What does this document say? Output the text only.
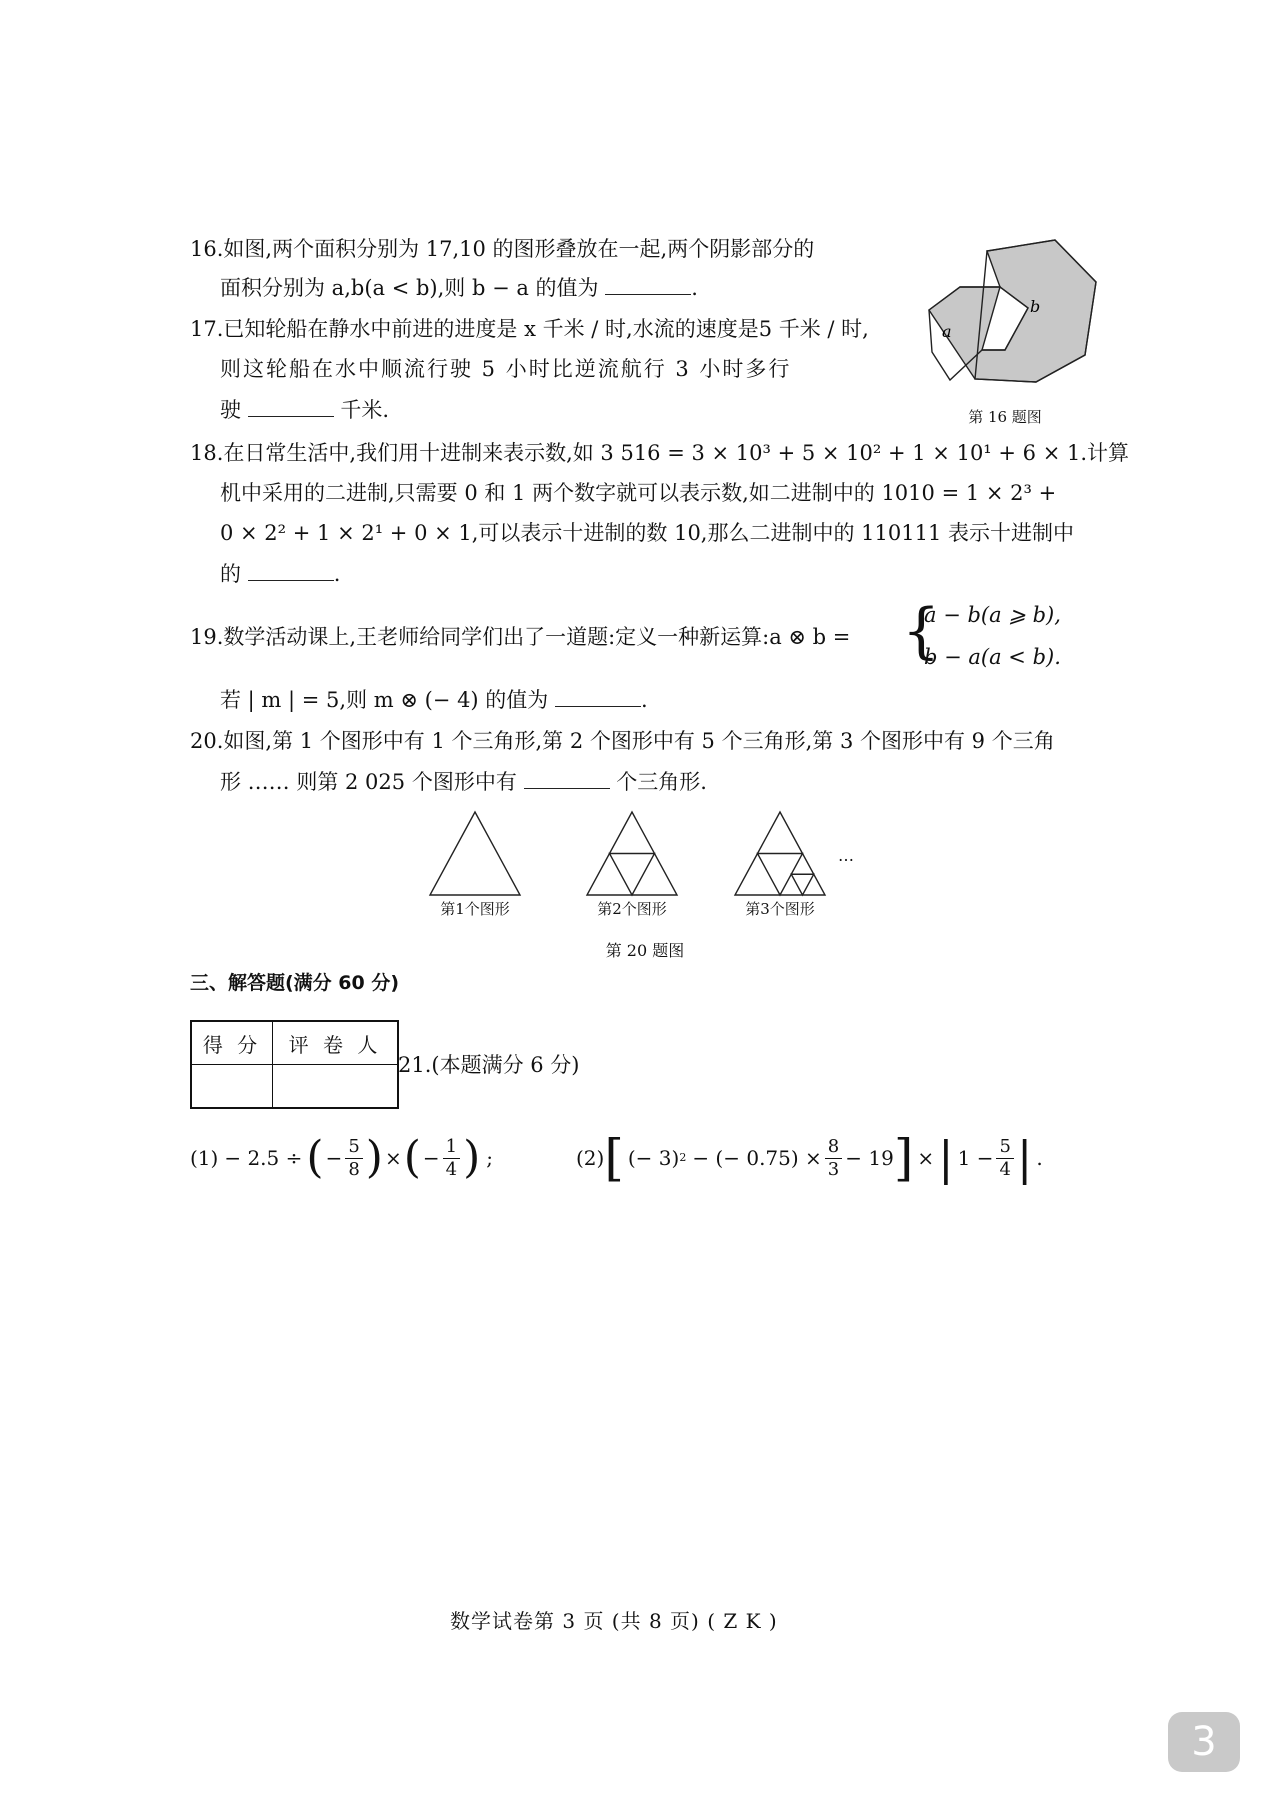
16.如图,两个面积分别为 17,10 的图形叠放在一起,两个阴影部分的
面积分别为 a,b(a < b),则 b − a 的值为	.
a
b
第 16 题图
17.已知轮船在静水中前进的进度是 x 千米 / 时,水流的速度是5 千米 / 时,
则这轮船在水中顺流行驶 5 小时比逆流航行 3 小时多行
驶	千米.
18.在日常生活中,我们用十进制来表示数,如 3 516 = 3 × 10³ + 5 × 10² + 1 × 10¹ + 6 × 1.计算
机中采用的二进制,只需要 0 和 1 两个数字就可以表示数,如二进制中的 1010 = 1 × 2³ +
0 × 2² + 1 × 2¹ + 0 × 1,可以表示十进制的数 10,那么二进制中的 110111 表示十进制中
的	.
19.数学活动课上,王老师给同学们出了一道题:定义一种新运算:a ⊗ b = {
a − b(a ⩾ b),
b − a(a < b).
若 | m | = 5,则 m ⊗ (− 4) 的值为	.
20.如图,第 1 个图形中有 1 个三角形,第 2 个图形中有 5 个三角形,第 3 个图形中有 9 个三角
形 …… 则第 2 025 个图形中有	个三角形.
…
第1个图形	第2个图形	第3个图形
第 20 题图
三、解答题(满分 60 分)
得 分	评 卷 人

21.(本题满分 6 分)
(1) − 2.5 ÷ ( − $\frac{5}{8}$ ) × ( − $\frac{1}{4}$ ) ;	(2) [ (− 3) 2 − (− $0.75) \times \frac{8}{3} - 19$ ] × | $1 - \frac{5}{4}$ | .
数学试卷第 3 页 (共 8 页) ( Z K )
3
